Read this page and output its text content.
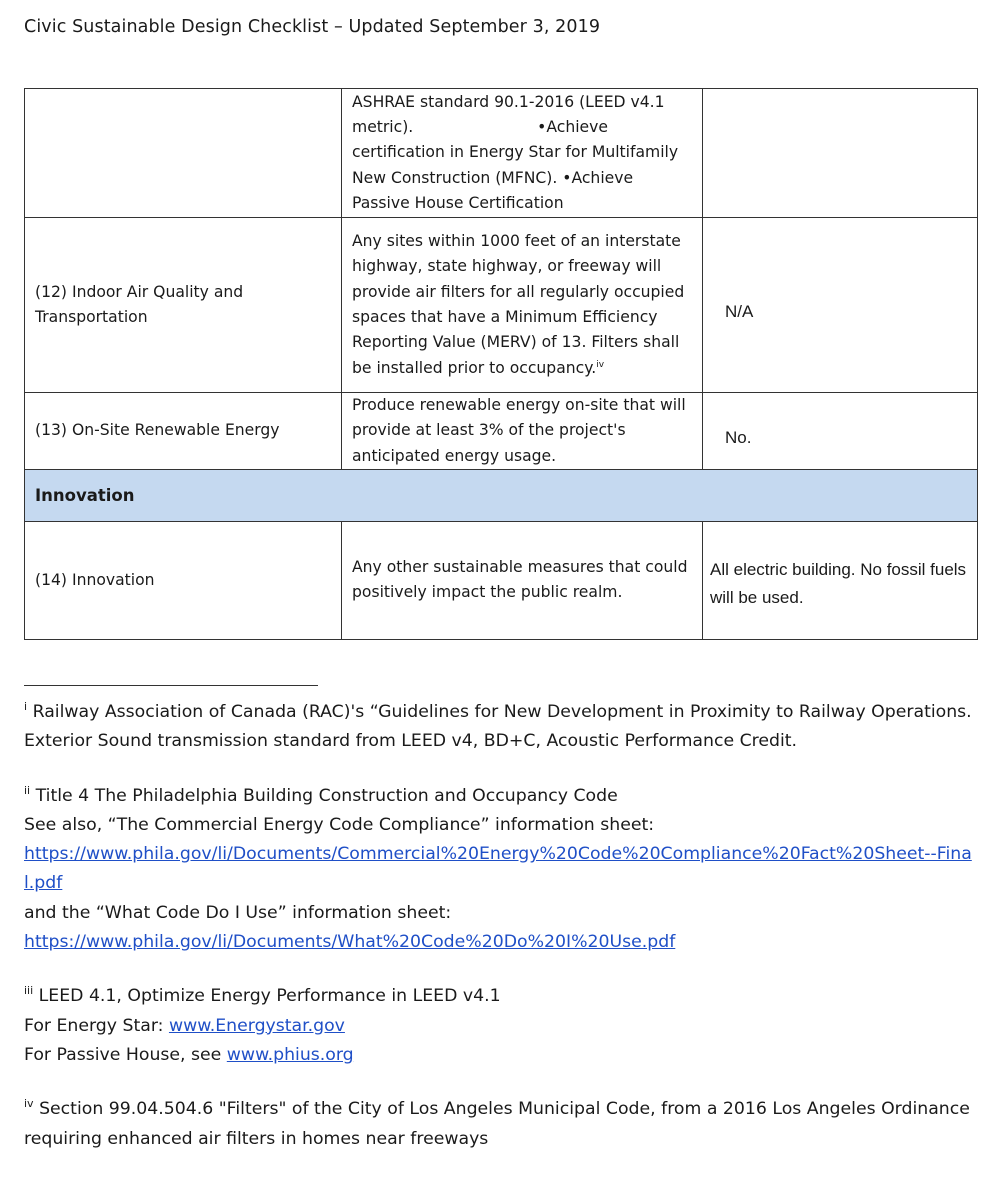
Civic Sustainable Design Checklist – Updated September 3, 2019
	ASHRAE standard 90.1-2016 (LEED v4.1 metric).                         •Achieve certification in Energy Star for Multifamily New Construction (MFNC). •Achieve Passive House Certification	
(12) Indoor Air Quality and Transportation	Any sites within 1000 feet of an interstate highway, state highway, or freeway will provide air filters for all regularly occupied spaces that have a Minimum Efficiency Reporting Value (MERV) of 13. Filters shall be installed prior to occupancy.$^{iv}$	N/A

(13) On-Site Renewable Energy	Produce renewable energy on-site that will provide at least 3% of the project's anticipated energy usage.	No.

Innovation		
(14) Innovation	Any other sustainable measures that could positively impact the public realm.	All electric building. No fossil fuels will be used.

$^i$ Railway Association of Canada (RAC)'s “Guidelines for New Development in Proximity to Railway Operations. Exterior Sound transmission standard from LEED v4, BD+C, Acoustic Performance Credit.

$^{ii}$ Title 4 The Philadelphia Building Construction and Occupancy Code

See also, “The Commercial Energy Code Compliance” information sheet:

https://www.phila.gov/li/Documents/Commercial%20Energy%20Code%20Compliance%20Fact%20Sheet--Final.pdf

and the “What Code Do I Use” information sheet:

https://www.phila.gov/li/Documents/What%20Code%20Do%20I%20Use.pdf

$^{iii}$ LEED 4.1, Optimize Energy Performance in LEED v4.1

For Energy Star: www.Energystar.gov

For Passive House, see www.phius.org

$^{iv}$ Section 99.04.504.6 "Filters" of the City of Los Angeles Municipal Code, from a 2016 Los Angeles Ordinance requiring enhanced air filters in homes near freeways
